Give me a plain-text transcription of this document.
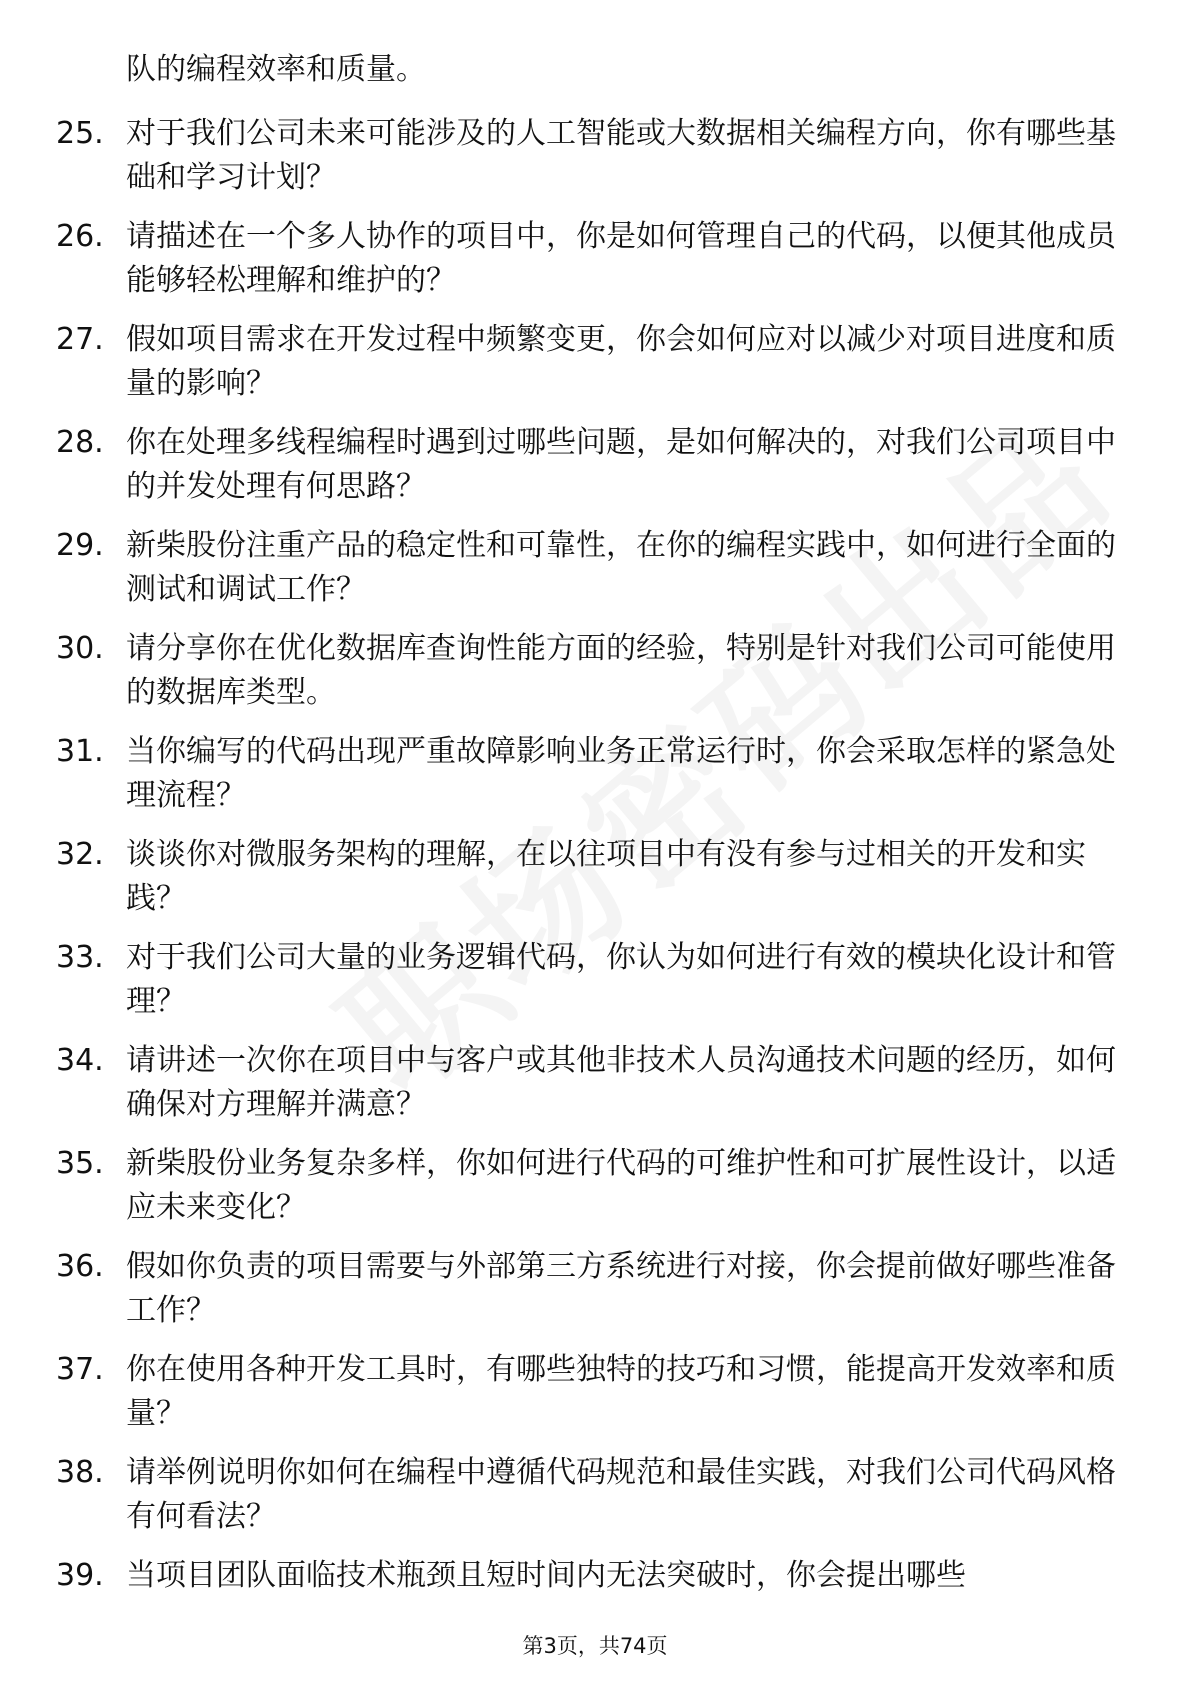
队的编程效率和质量。

25. 对于我们公司未来可能涉及的人工智能或大数据相关编程方向，你有哪些基础和学习计划？

26. 请描述在一个多人协作的项目中，你是如何管理自己的代码，以便其他成员能够轻松理解和维护的？

27. 假如项目需求在开发过程中频繁变更，你会如何应对以减少对项目进度和质量的影响？

28. 你在处理多线程编程时遇到过哪些问题，是如何解决的，对我们公司项目中的并发处理有何思路？

29. 新柴股份注重产品的稳定性和可靠性，在你的编程实践中，如何进行全面的测试和调试工作？

30. 请分享你在优化数据库查询性能方面的经验，特别是针对我们公司可能使用的数据库类型。

31. 当你编写的代码出现严重故障影响业务正常运行时，你会采取怎样的紧急处理流程？

32. 谈谈你对微服务架构的理解，在以往项目中有没有参与过相关的开发和实践？

33. 对于我们公司大量的业务逻辑代码，你认为如何进行有效的模块化设计和管理？

34. 请讲述一次你在项目中与客户或其他非技术人员沟通技术问题的经历，如何确保对方理解并满意？

35. 新柴股份业务复杂多样，你如何进行代码的可维护性和可扩展性设计，以适应未来变化？

36. 假如你负责的项目需要与外部第三方系统进行对接，你会提前做好哪些准备工作？

37. 你在使用各种开发工具时，有哪些独特的技巧和习惯，能提高开发效率和质量？

38. 请举例说明你如何在编程中遵循代码规范和最佳实践，对我们公司代码风格有何看法？

39. 当项目团队面临技术瓶颈且短时间内无法突破时，你会提出哪些

第3页，共74页
